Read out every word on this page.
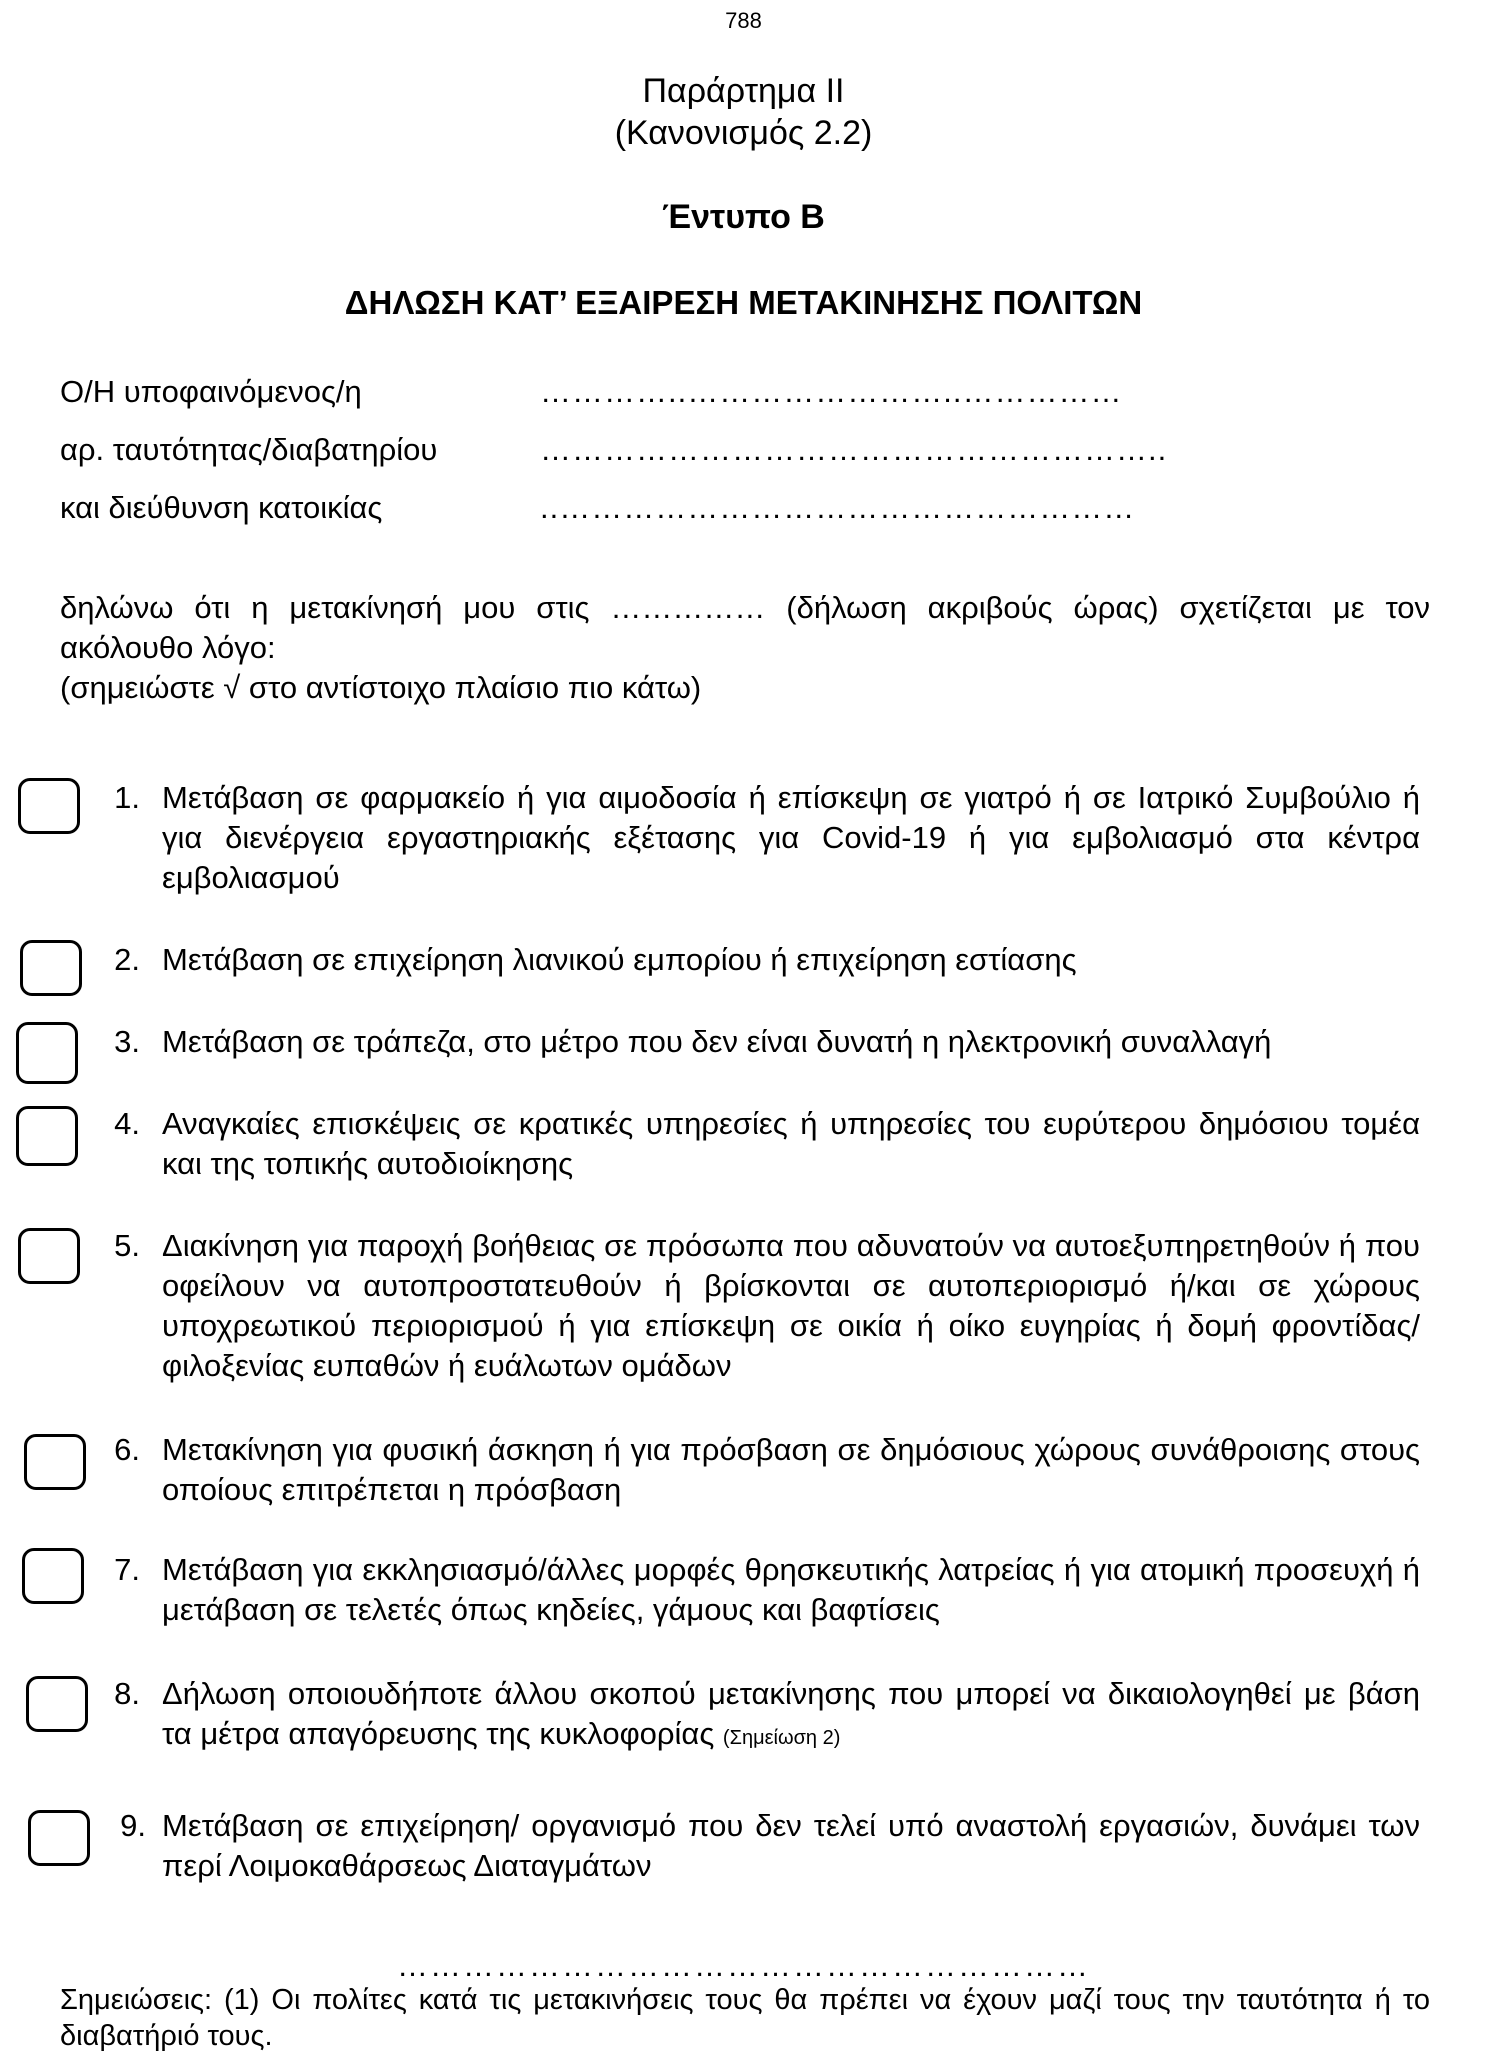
788
Παράρτημα ΙΙ
(Κανονισμός 2.2)
Έντυπο Β
ΔΗΛΩΣΗ ΚΑΤ’ ΕΞΑΙΡΕΣΗ ΜΕΤΑΚΙΝΗΣΗΣ ΠΟΛΙΤΩΝ
Ο/Η υποφαινόμενος/η	…………..……………………..……………
αρ. ταυτότητας/διαβατηρίου	…………………………………………………..
και διεύθυνση κατοικίας	..………………………………………………
δηλώνω ότι η μετακίνησή μου στις …………… (δήλωση ακριβούς ώρας) σχετίζεται με τον
ακόλουθο λόγο:
(σημειώστε √ στο αντίστοιχο πλαίσιο πιο κάτω)
1. Μετάβαση σε φαρμακείο ή για αιμοδοσία ή επίσκεψη σε γιατρό ή σε Ιατρικό Συμβούλιο ή για διενέργεια εργαστηριακής εξέτασης για Covid-19 ή για εμβολιασμό στα κέντρα εμβολιασμού
2. Μετάβαση σε επιχείρηση λιανικού εμπορίου ή επιχείρηση εστίασης
3. Μετάβαση σε τράπεζα, στο μέτρο που δεν είναι δυνατή η ηλεκτρονική συναλλαγή
4. Αναγκαίες επισκέψεις σε κρατικές υπηρεσίες ή υπηρεσίες του ευρύτερου δημόσιου τομέα και της τοπικής αυτοδιοίκησης
5. Διακίνηση για παροχή βοήθειας σε πρόσωπα που αδυνατούν να αυτοεξυπηρετηθούν ή που οφείλουν να αυτοπροστατευθούν ή βρίσκονται σε αυτοπεριορισμό ή/και σε χώρους υποχρεωτικού περιορισμού ή για επίσκεψη σε οικία ή οίκο ευγηρίας ή δομή φροντίδας/φιλοξενίας ευπαθών ή ευάλωτων ομάδων
6. Μετακίνηση για φυσική άσκηση ή για πρόσβαση σε δημόσιους χώρους συνάθροισης στους οποίους επιτρέπεται η πρόσβαση
7. Μετάβαση για εκκλησιασμό/άλλες μορφές θρησκευτικής λατρείας ή για ατομική προσευχή ή μετάβαση σε τελετές όπως κηδείες, γάμους και βαφτίσεις
8. Δήλωση οποιουδήποτε άλλου σκοπού μετακίνησης που μπορεί να δικαιολογηθεί με βάση τα μέτρα απαγόρευσης της κυκλοφορίας (Σημείωση 2)
9. Μετάβαση σε επιχείρηση/ οργανισμό που δεν τελεί υπό αναστολή εργασιών, δυνάμει των περί Λοιμοκαθάρσεως Διαταγμάτων
………………………………………………………
Σημειώσεις: (1) Οι πολίτες κατά τις μετακινήσεις τους θα πρέπει να έχουν μαζί τους την ταυτότητα ή το διαβατήριό τους.
